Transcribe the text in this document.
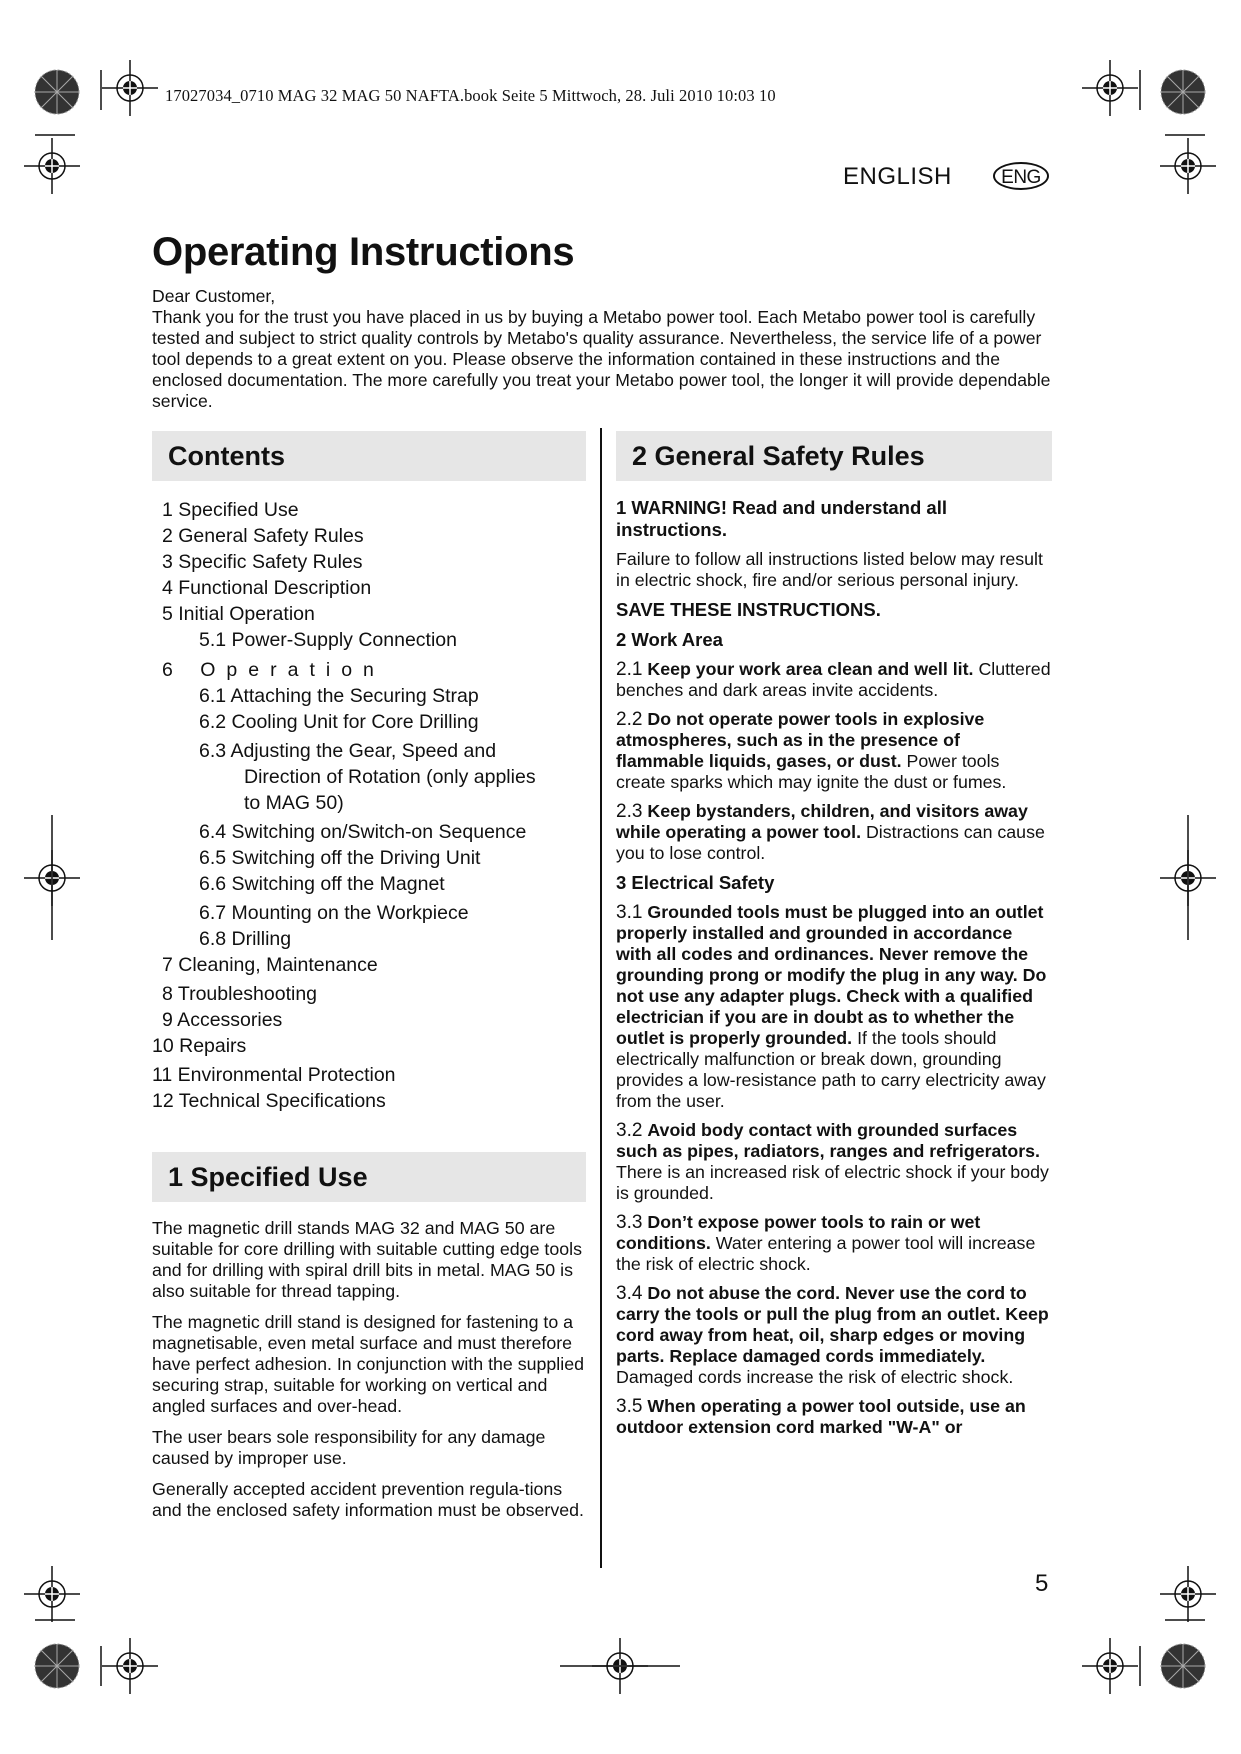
17027034_0710 MAG 32 MAG 50 NAFTA.book Seite 5 Mittwoch, 28. Juli 2010 10:03 10
ENGLISH	ENG
Operating Instructions
Dear Customer,
Thank you for the trust you have placed in us by buying a Metabo power tool. Each Metabo power tool is carefully tested and subject to strict quality controls by Metabo's quality assurance. Nevertheless, the service life of a power tool depends to a great extent on you. Please observe the information contained in these instructions and the enclosed documentation. The more carefully you treat your Metabo power tool, the longer it will provide dependable service.
Contents
1 Specified Use
2 General Safety Rules
3 Specific Safety Rules
4 Functional Description
5 Initial Operation
5.1 Power-Supply Connection
6 Operation
6.1 Attaching the Securing Strap
6.2 Cooling Unit for Core Drilling
6.3 Adjusting the Gear, Speed and
Direction of Rotation (only applies
to MAG 50)
6.4 Switching on/Switch-on Sequence
6.5 Switching off the Driving Unit
6.6 Switching off the Magnet
6.7 Mounting on the Workpiece
6.8 Drilling
7 Cleaning, Maintenance
8 Troubleshooting
9 Accessories
10 Repairs
11 Environmental Protection
12 Technical Specifications
1 Specified Use
The magnetic drill stands MAG 32 and MAG 50 are suitable for core drilling with suitable cutting edge tools and for drilling with spiral drill bits in metal. MAG 50 is also suitable for thread tapping.
The magnetic drill stand is designed for fastening to a magnetisable, even metal surface and must therefore have perfect adhesion. In conjunction with the supplied securing strap, suitable for working on vertical and angled surfaces and over-head.
The user bears sole responsibility for any damage caused by improper use.
Generally accepted accident prevention regula-tions and the enclosed safety information must be observed.
2 General Safety Rules
1 WARNING! Read and understand all instructions.
Failure to follow all instructions listed below may result in electric shock, fire and/or serious personal injury.
SAVE THESE INSTRUCTIONS.
2 Work Area
2.1 Keep your work area clean and well lit. Cluttered benches and dark areas invite accidents.
2.2 Do not operate power tools in explosive atmospheres, such as in the presence of flammable liquids, gases, or dust. Power tools create sparks which may ignite the dust or fumes.
2.3 Keep bystanders, children, and visitors away while operating a power tool. Distractions can cause you to lose control.
3 Electrical Safety
3.1 Grounded tools must be plugged into an outlet properly installed and grounded in accordance with all codes and ordinances. Never remove the grounding prong or modify the plug in any way. Do not use any adapter plugs. Check with a qualified electrician if you are in doubt as to whether the outlet is properly grounded. If the tools should electrically malfunction or break down, grounding provides a low-resistance path to carry electricity away from the user.
3.2 Avoid body contact with grounded surfaces such as pipes, radiators, ranges and refrigerators. There is an increased risk of electric shock if your body is grounded.
3.3 Don’t expose power tools to rain or wet conditions. Water entering a power tool will increase the risk of electric shock.
3.4 Do not abuse the cord. Never use the cord to carry the tools or pull the plug from an outlet. Keep cord away from heat, oil, sharp edges or moving parts. Replace damaged cords immediately. Damaged cords increase the risk of electric shock.
3.5 When operating a power tool outside, use an outdoor extension cord marked "W-A" or
5
